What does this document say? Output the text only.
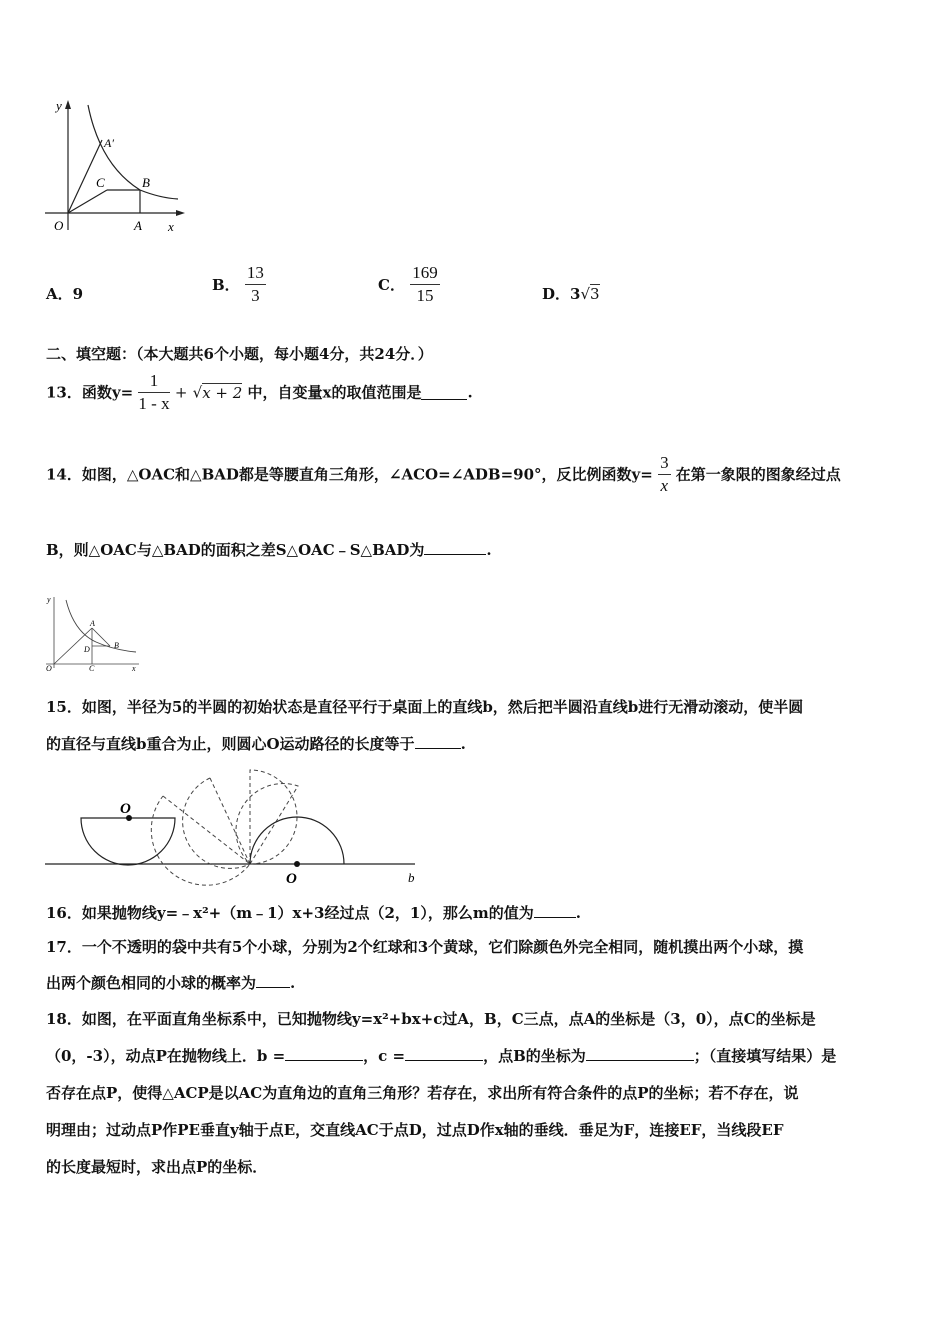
y
x
O
A′
B
C
A
A．9	B． $\frac{13}{3}$	C． $\frac{169}{15}$	D．3√3
二、填空题：（本大题共6个小题，每小题4分，共24分．）
13．函数$y= \frac{1}{1 - x} + √x + 2$ 中，自变量x的取值范围是	.
14．如图，△OAC和△BAD都是等腰直角三角形，∠ACO=∠ADB=90°，反比例函数$y= \frac{3}{x}$ 在第一象限的图象经过点
B，则△OAC与△BAD的面积之差S△OAC﹣S△BAD为	.
y
x
O
A
B
C
D
15．如图，半径为5的半圆的初始状态是直径平行于桌面上的直线b，然后把半圆沿直线b进行无滑动滚动，使半圆
的直径与直线b重合为止，则圆心O运动路径的长度等于	.
O
O	b
16．如果抛物线y=﹣x²+（m﹣1）x+3经过点（2，1），那么m的值为	.
17．一个不透明的袋中共有5个小球，分别为2个红球和3个黄球，它们除颜色外完全相同，随机摸出两个小球，摸
出两个颜色相同的小球的概率为 .
18．如图，在平面直角坐标系中，已知抛物线y=x²+bx+c过A，B，C三点，点A的坐标是（3，0），点C的坐标是
（0，-3），动点P在抛物线上．b =	，c =	，点B的坐标为	；（直接填写结果）是
否存在点P，使得△ACP是以AC为直角边的直角三角形？若存在，求出所有符合条件的点P的坐标；若不存在，说
明理由；过动点P作PE垂直y轴于点E，交直线AC于点D，过点D作x轴的垂线．垂足为F，连接EF，当线段EF
的长度最短时，求出点P的坐标．
